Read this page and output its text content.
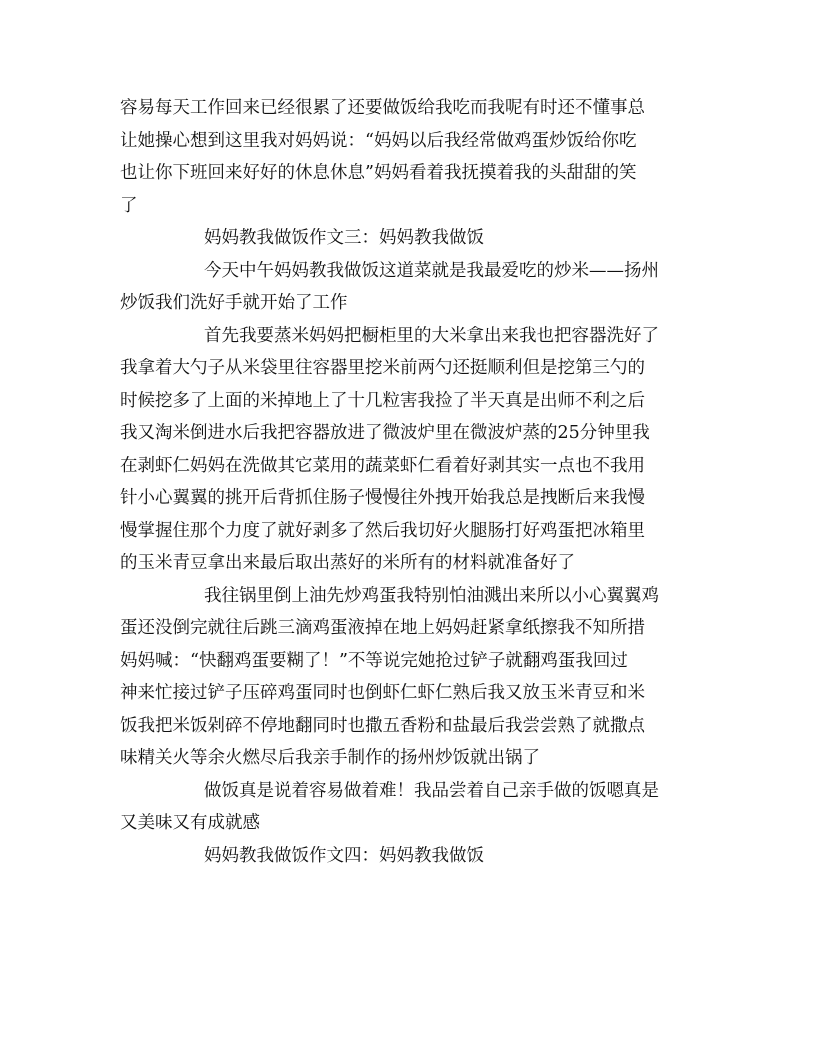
容易每天工作回来已经很累了还要做饭给我吃而我呢有时还不懂事总
让她操心想到这里我对妈妈说：“妈妈以后我经常做鸡蛋炒饭给你吃
也让你下班回来好好的休息休息”妈妈看着我抚摸着我的头甜甜的笑
了
妈妈教我做饭作文三：妈妈教我做饭
今天中午妈妈教我做饭这道菜就是我最爱吃的炒米——扬州
炒饭我们洗好手就开始了工作
首先我要蒸米妈妈把橱柜里的大米拿出来我也把容器洗好了
我拿着大勺子从米袋里往容器里挖米前两勺还挺顺利但是挖第三勺的
时候挖多了上面的米掉地上了十几粒害我捡了半天真是出师不利之后
我又淘米倒进水后我把容器放进了微波炉里在微波炉蒸的25分钟里我
在剥虾仁妈妈在洗做其它菜用的蔬菜虾仁看着好剥其实一点也不我用
针小心翼翼的挑开后背抓住肠子慢慢往外拽开始我总是拽断后来我慢
慢掌握住那个力度了就好剥多了然后我切好火腿肠打好鸡蛋把冰箱里
的玉米青豆拿出来最后取出蒸好的米所有的材料就准备好了
我往锅里倒上油先炒鸡蛋我特别怕油溅出来所以小心翼翼鸡
蛋还没倒完就往后跳三滴鸡蛋液掉在地上妈妈赶紧拿纸擦我不知所措
妈妈喊：“快翻鸡蛋要糊了！”不等说完她抢过铲子就翻鸡蛋我回过
神来忙接过铲子压碎鸡蛋同时也倒虾仁虾仁熟后我又放玉米青豆和米
饭我把米饭剁碎不停地翻同时也撒五香粉和盐最后我尝尝熟了就撒点
味精关火等余火燃尽后我亲手制作的扬州炒饭就出锅了
做饭真是说着容易做着难！我品尝着自己亲手做的饭嗯真是
又美味又有成就感
妈妈教我做饭作文四：妈妈教我做饭
